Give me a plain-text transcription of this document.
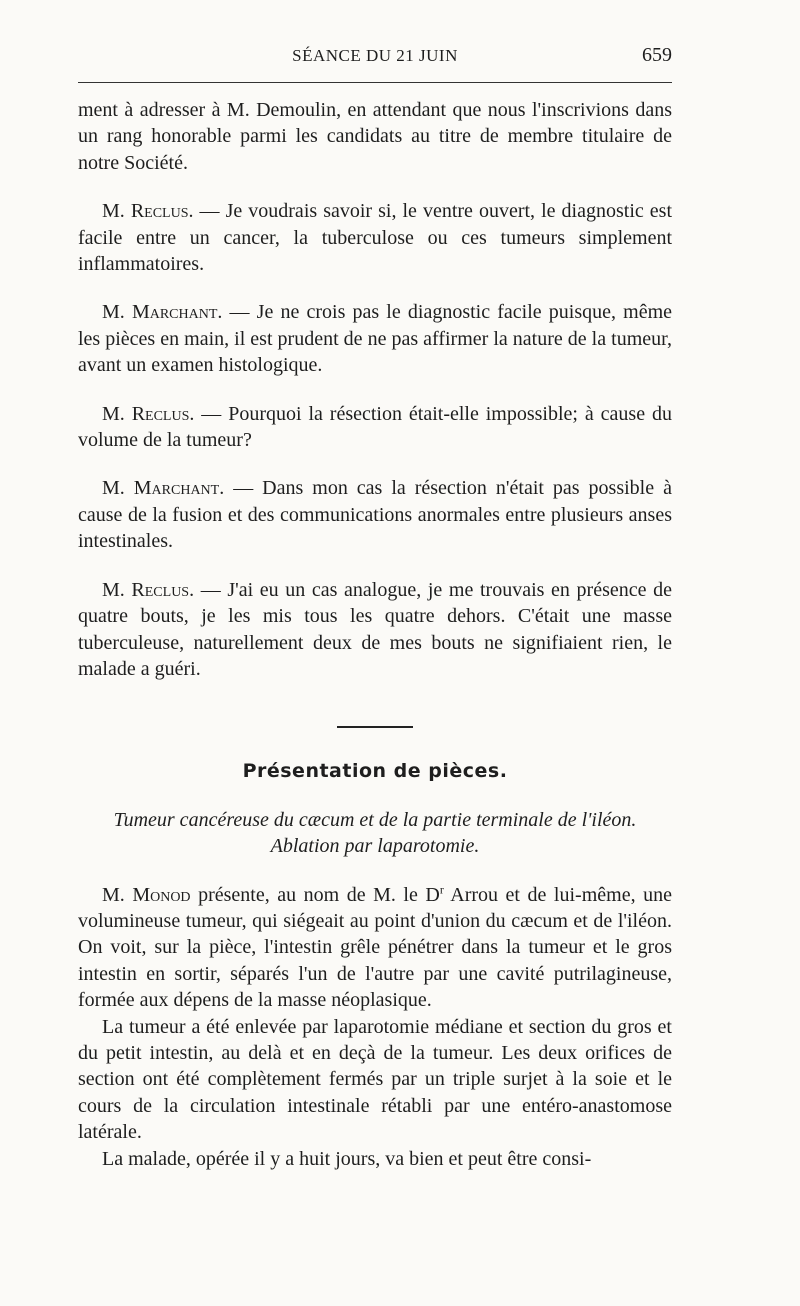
SÉANCE DU 21 JUIN	659

ment à adresser à M. Demoulin, en attendant que nous l'inscrivions dans un rang honorable parmi les candidats au titre de membre titulaire de notre Société.

M. Reclus. — Je voudrais savoir si, le ventre ouvert, le diagnostic est facile entre un cancer, la tuberculose ou ces tumeurs simplement inflammatoires.

M. Marchant. — Je ne crois pas le diagnostic facile puisque, même les pièces en main, il est prudent de ne pas affirmer la nature de la tumeur, avant un examen histologique.

M. Reclus. — Pourquoi la résection était-elle impossible; à cause du volume de la tumeur?

M. Marchant. — Dans mon cas la résection n'était pas possible à cause de la fusion et des communications anormales entre plusieurs anses intestinales.

M. Reclus. — J'ai eu un cas analogue, je me trouvais en présence de quatre bouts, je les mis tous les quatre dehors. C'était une masse tuberculeuse, naturellement deux de mes bouts ne signifiaient rien, le malade a guéri.

Présentation de pièces.
Tumeur cancéreuse du cæcum et de la partie terminale de l'iléon.
Ablation par laparotomie.

M. Monod présente, au nom de M. le $D^r$ Arrou et de lui-même, une volumineuse tumeur, qui siégeait au point d'union du cæcum et de l'iléon. On voit, sur la pièce, l'intestin grêle pénétrer dans la tumeur et le gros intestin en sortir, séparés l'un de l'autre par une cavité putrilagineuse, formée aux dépens de la masse néoplasique.

La tumeur a été enlevée par laparotomie médiane et section du gros et du petit intestin, au delà et en deçà de la tumeur. Les deux orifices de section ont été complètement fermés par un triple surjet à la soie et le cours de la circulation intestinale rétabli par une entéro-anastomose latérale.

La malade, opérée il y a huit jours, va bien et peut être consi-
